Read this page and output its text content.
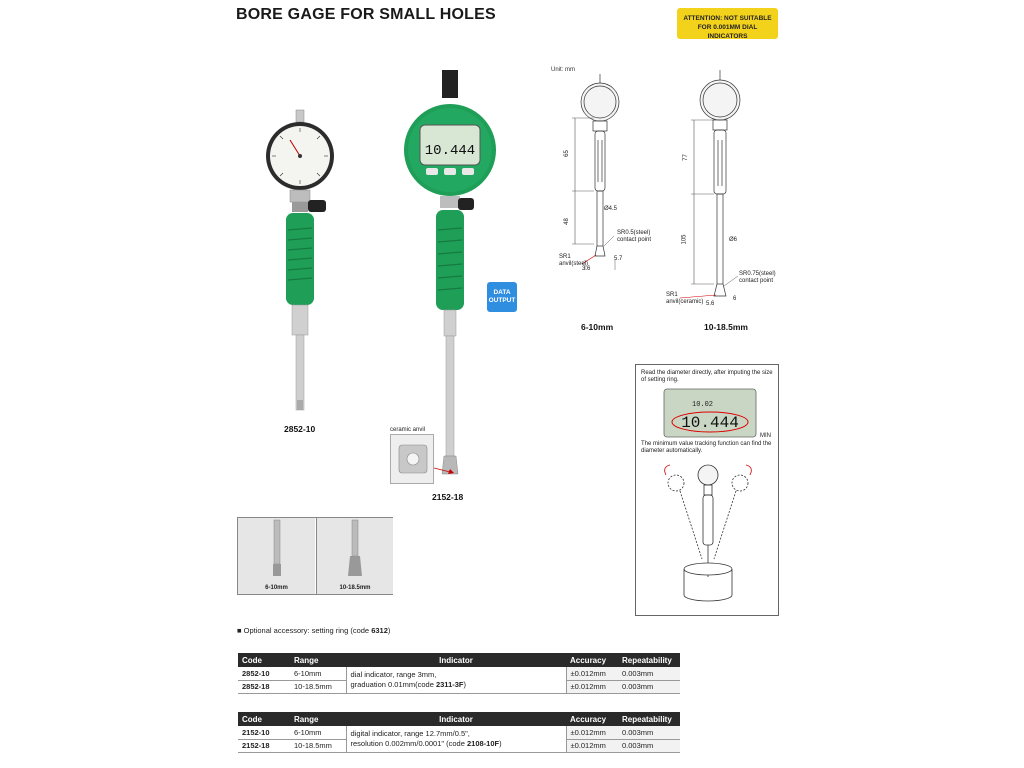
BORE GAGE FOR SMALL HOLES	ATTENTION: NOT SUITABLE FOR 0.001MM DIAL INDICATORS
2852-10
10.444
DATA OUTPUT
ceramic anvil
2152-18
Unit: mm
65
48
Ø4.5
SR0.5(steel) contact point
SR1 anvil(steel)
3.6
5.7
6-10mm
77
105	Ø6
SR0.75(steel) contact point
SR1 anvil(ceramic) 5.6
6
10-18.5mm
6-10mm	10-18.5mm
Read the diameter directly, after imputing the size of setting ring.
10.02
10.444
MIN
The minimum value tracking function can find the diameter automatically.
■ Optional accessory: setting ring (code 6312)
Code	Range	Indicator	Accuracy	Repeatability
2852-10	6-10mm	dial indicator, range 3mm,
graduation 0.01mm(code 2311-3F)	±0.012mm	0.003mm
2852-18	10-18.5mm		±0.012mm	0.003mm
Code	Range	Indicator	Accuracy	Repeatability
2152-10	6-10mm	digital indicator, range 12.7mm/0.5",
resolution 0.002mm/0.0001" (code 2108-10F)	±0.012mm	0.003mm
2152-18	10-18.5mm		±0.012mm	0.003mm
